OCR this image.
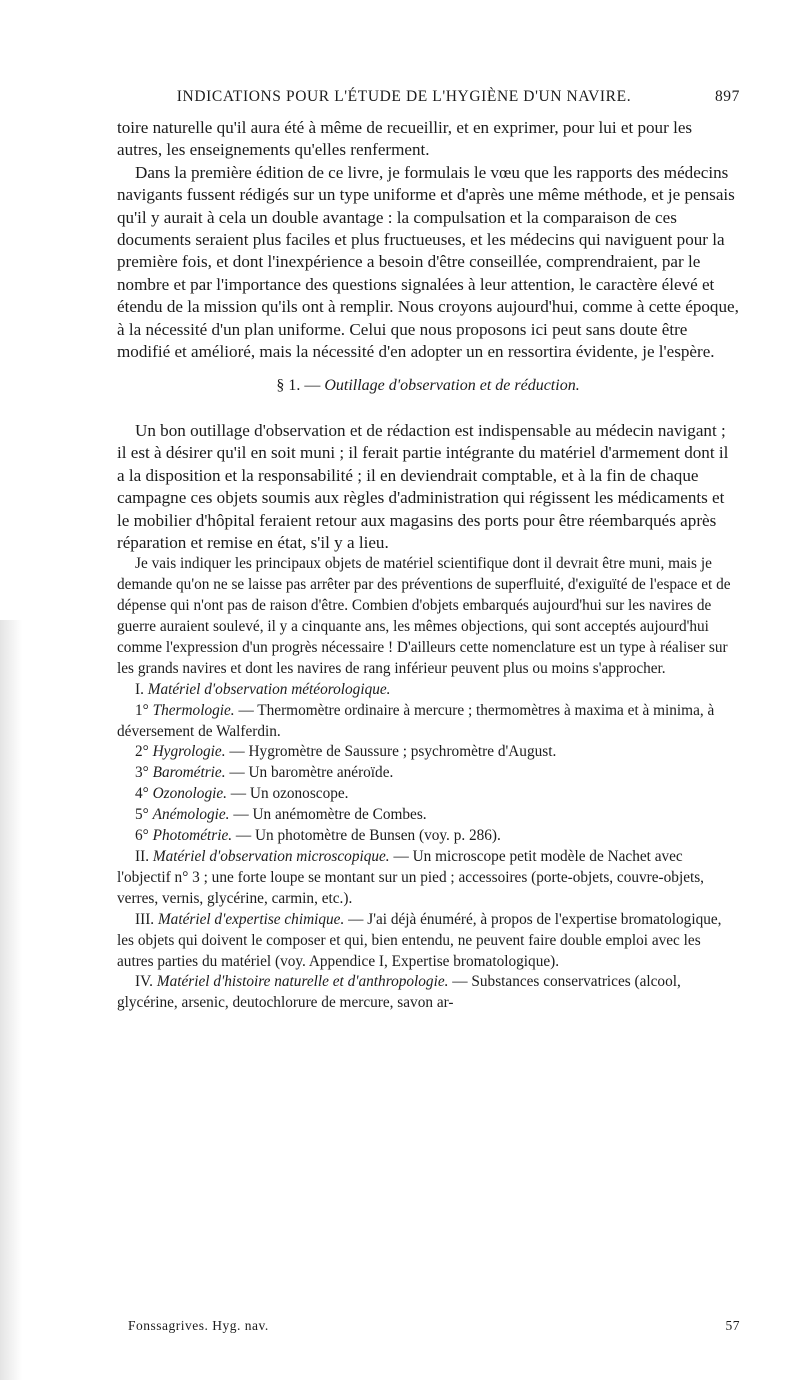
INDICATIONS POUR L'ÉTUDE DE L'HYGIÈNE D'UN NAVIRE.	897

toire naturelle qu'il aura été à même de recueillir, et en exprimer, pour lui et pour les autres, les enseignements qu'elles renferment.

Dans la première édition de ce livre, je formulais le vœu que les rapports des médecins navigants fussent rédigés sur un type uniforme et d'après une même méthode, et je pensais qu'il y aurait à cela un double avantage : la compulsation et la comparaison de ces documents seraient plus faciles et plus fructueuses, et les médecins qui naviguent pour la première fois, et dont l'inexpérience a besoin d'être conseillée, comprendraient, par le nombre et par l'importance des questions signalées à leur attention, le caractère élevé et étendu de la mission qu'ils ont à remplir. Nous croyons aujourd'hui, comme à cette époque, à la nécessité d'un plan uniforme. Celui que nous proposons ici peut sans doute être modifié et amélioré, mais la nécessité d'en adopter un en ressortira évidente, je l'espère.

§ 1. — Outillage d'observation et de réduction.

Un bon outillage d'observation et de rédaction est indispensable au médecin navigant ; il est à désirer qu'il en soit muni ; il ferait partie intégrante du matériel d'armement dont il a la disposition et la responsabilité ; il en deviendrait comptable, et à la fin de chaque campagne ces objets soumis aux règles d'administration qui régissent les médicaments et le mobilier d'hôpital feraient retour aux magasins des ports pour être réembarqués après réparation et remise en état, s'il y a lieu.

Je vais indiquer les principaux objets de matériel scientifique dont il devrait être muni, mais je demande qu'on ne se laisse pas arrêter par des préventions de superfluité, d'exiguïté de l'espace et de dépense qui n'ont pas de raison d'être. Combien d'objets embarqués aujourd'hui sur les navires de guerre auraient soulevé, il y a cinquante ans, les mêmes objections, qui sont acceptés aujourd'hui comme l'expression d'un progrès nécessaire ! D'ailleurs cette nomenclature est un type à réaliser sur les grands navires et dont les navires de rang inférieur peuvent plus ou moins s'approcher.

I. Matériel d'observation météorologique.

1° Thermologie. — Thermomètre ordinaire à mercure ; thermomètres à maxima et à minima, à déversement de Walferdin.

2° Hygrologie. — Hygromètre de Saussure ; psychromètre d'August.

3° Barométrie. — Un baromètre anéroïde.

4° Ozonologie. — Un ozonoscope.

5° Anémologie. — Un anémomètre de Combes.

6° Photométrie. — Un photomètre de Bunsen (voy. p. 286).

II. Matériel d'observation microscopique. — Un microscope petit modèle de Nachet avec l'objectif n° 3 ; une forte loupe se montant sur un pied ; accessoires (porte-objets, couvre-objets, verres, vernis, glycérine, carmin, etc.).

III. Matériel d'expertise chimique. — J'ai déjà énuméré, à propos de l'expertise bromatologique, les objets qui doivent le composer et qui, bien entendu, ne peuvent faire double emploi avec les autres parties du matériel (voy. Appendice I, Expertise bromatologique).

IV. Matériel d'histoire naturelle et d'anthropologie. — Substances conservatrices (alcool, glycérine, arsenic, deutochlorure de mercure, savon ar-

Fonssagrives. Hyg. nav.	57
